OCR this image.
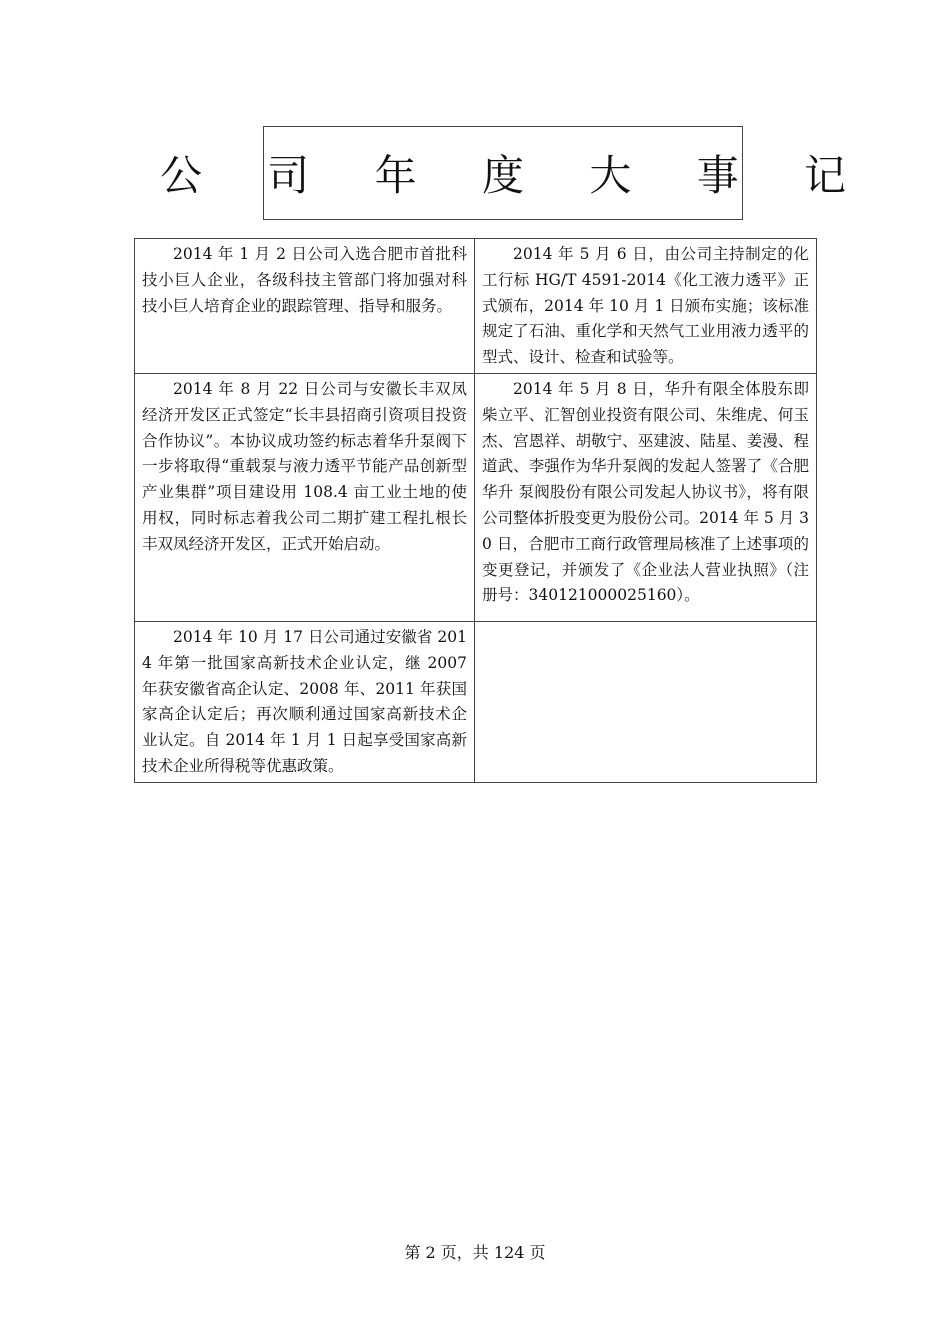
公 司 年 度 大 事 记
2014 年 1 月 2 日公司入选合肥市首批科技小巨人企业，各级科技主管部门将加强对科技小巨人培育企业的跟踪管理、指导和服务。	2014 年 5 月 6 日，由公司主持制定的化工行标 HG/T 4591-2014《化工液力透平》正式颁布，2014 年 10 月 1 日颁布实施；该标准规定了石油、重化学和天然气工业用液力透平的型式、设计、检查和试验等。
2014 年 8 月 22 日公司与安徽长丰双凤经济开发区正式签定“长丰县招商引资项目投资合作协议”。本协议成功签约标志着华升泵阀下一步将取得“重载泵与液力透平节能产品创新型产业集群”项目建设用 108.4 亩工业土地的使用权，同时标志着我公司二期扩建工程扎根长丰双凤经济开发区，正式开始启动。	2014 年 5 月 8 日，华升有限全体股东即柴立平、汇智创业投资有限公司、朱维虎、何玉杰、宫恩祥、胡敬宁、巫建波、陆星、姜漫、程道武、李强作为华升泵阀的发起人签署了《合肥华升 泵阀股份有限公司发起人协议书》，将有限公司整体折股变更为股份公司。2014 年 5 月 30 日，合肥市工商行政管理局核准了上述事项的变更登记，并颁发了《企业法人营业执照》（注册号：340121000025160）。
2014 年 10 月 17 日公司通过安徽省 2014 年第一批国家高新技术企业认定，继 2007 年获安徽省高企认定、2008 年、2011 年获国家高企认定后；再次顺利通过国家高新技术企业认定。自 2014 年 1 月 1 日起享受国家高新技术企业所得税等优惠政策。	
第 2 页，共 124 页
